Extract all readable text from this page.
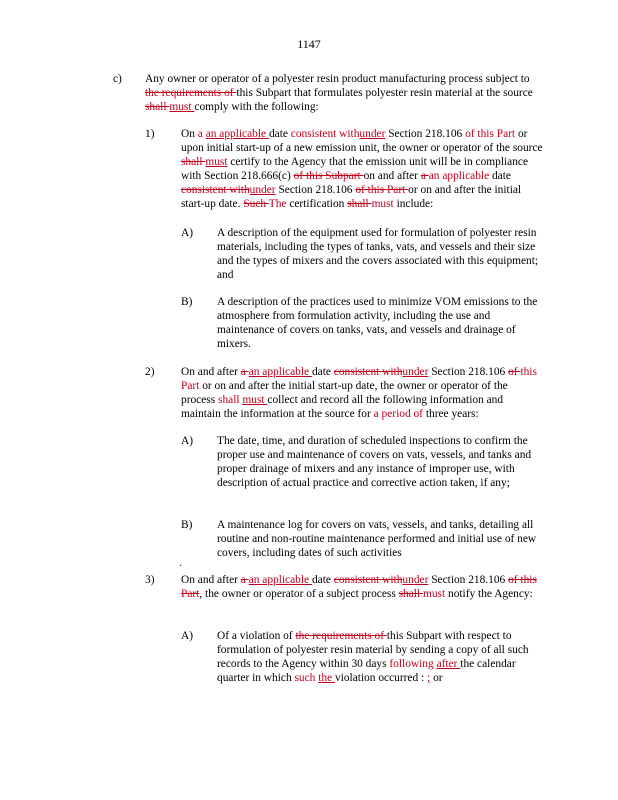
1147
c) Any owner or operator of a polyester resin product manufacturing process subject to the requirements of this Subpart that formulates polyester resin material at the source shall must comply with the following:
1) On a an applicable date consistent withunder Section 218.106 of this Part or upon initial start-up of a new emission unit, the owner or operator of the source shall must certify to the Agency that the emission unit will be in compliance with Section 218.666(c) of this Subpart on and after a an applicable date consistent withunder Section 218.106 of this Part or on and after the initial start-up date. Such The certification shall must include:
A) A description of the equipment used for formulation of polyester resin materials, including the types of tanks, vats, and vessels and their size and the types of mixers and the covers associated with this equipment; and
B) A description of the practices used to minimize VOM emissions to the atmosphere from formulation activity, including the use and maintenance of covers on tanks, vats, and vessels and drainage of mixers.
2) On and after a an applicable date consistent withunder Section 218.106 of this Part or on and after the initial start-up date, the owner or operator of the process shall must collect and record all the following information and maintain the information at the source for a period of three years:
A) The date, time, and duration of scheduled inspections to confirm the proper use and maintenance of covers on vats, vessels, and tanks and proper drainage of mixers and any instance of improper use, with description of actual practice and corrective action taken, if any;
B) A maintenance log for covers on vats, vessels, and tanks, detailing all routine and non-routine maintenance performed and initial use of new covers, including dates of such activities
·
3) On and after a an applicable date consistent withunder Section 218.106 of this Part, the owner or operator of a subject process shall must notify the Agency:
A) Of a violation of the requirements of this Subpart with respect to formulation of polyester resin material by sending a copy of all such records to the Agency within 30 days following after the calendar quarter in which such the violation occurred : ; or
